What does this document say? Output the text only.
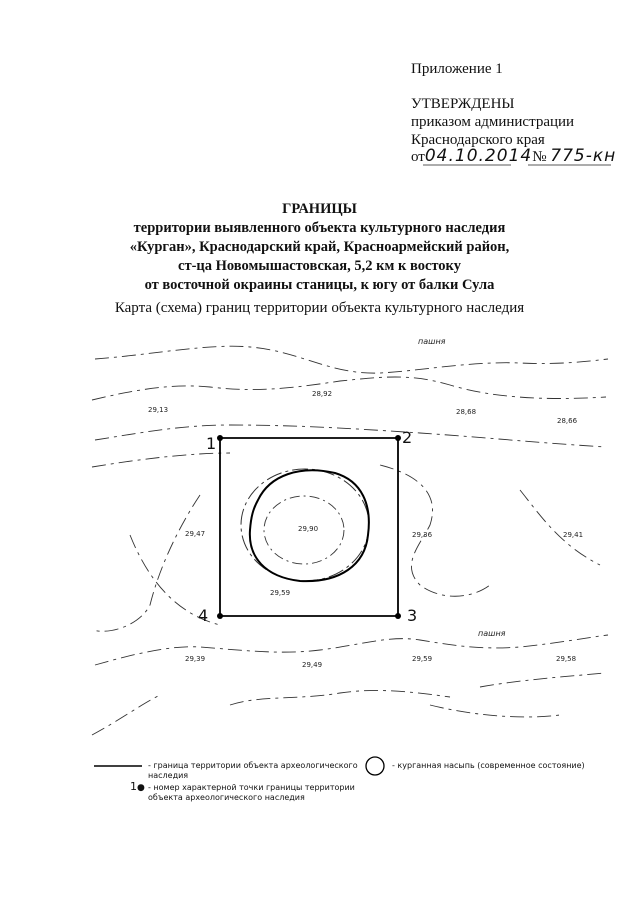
Приложение 1
УТВЕРЖДЕНЫ
приказом администрации
Краснодарского края
от04.10.2014№ 775-кн
ГРАНИЦЫ
территории выявленного объекта культурного наследия
«Курган», Краснодарский край, Красноармейский район,
ст-ца Новомышастовская, 5,2 км к востоку
от восточной окраины станицы, к югу от балки Сула
Карта (схема) границ территории объекта культурного наследия
1	2
3
4
пашня
пашня
29,13
28,92
28,68
28,66
29,47
29,90
29,36	29,41
29,59
29,39
29,49
29,59	29,58
- граница территории объекта археологического
наследия
1● - номер характерной точки границы территории
объекта археологического наследия
- курганная насыпь (современное состояние)
